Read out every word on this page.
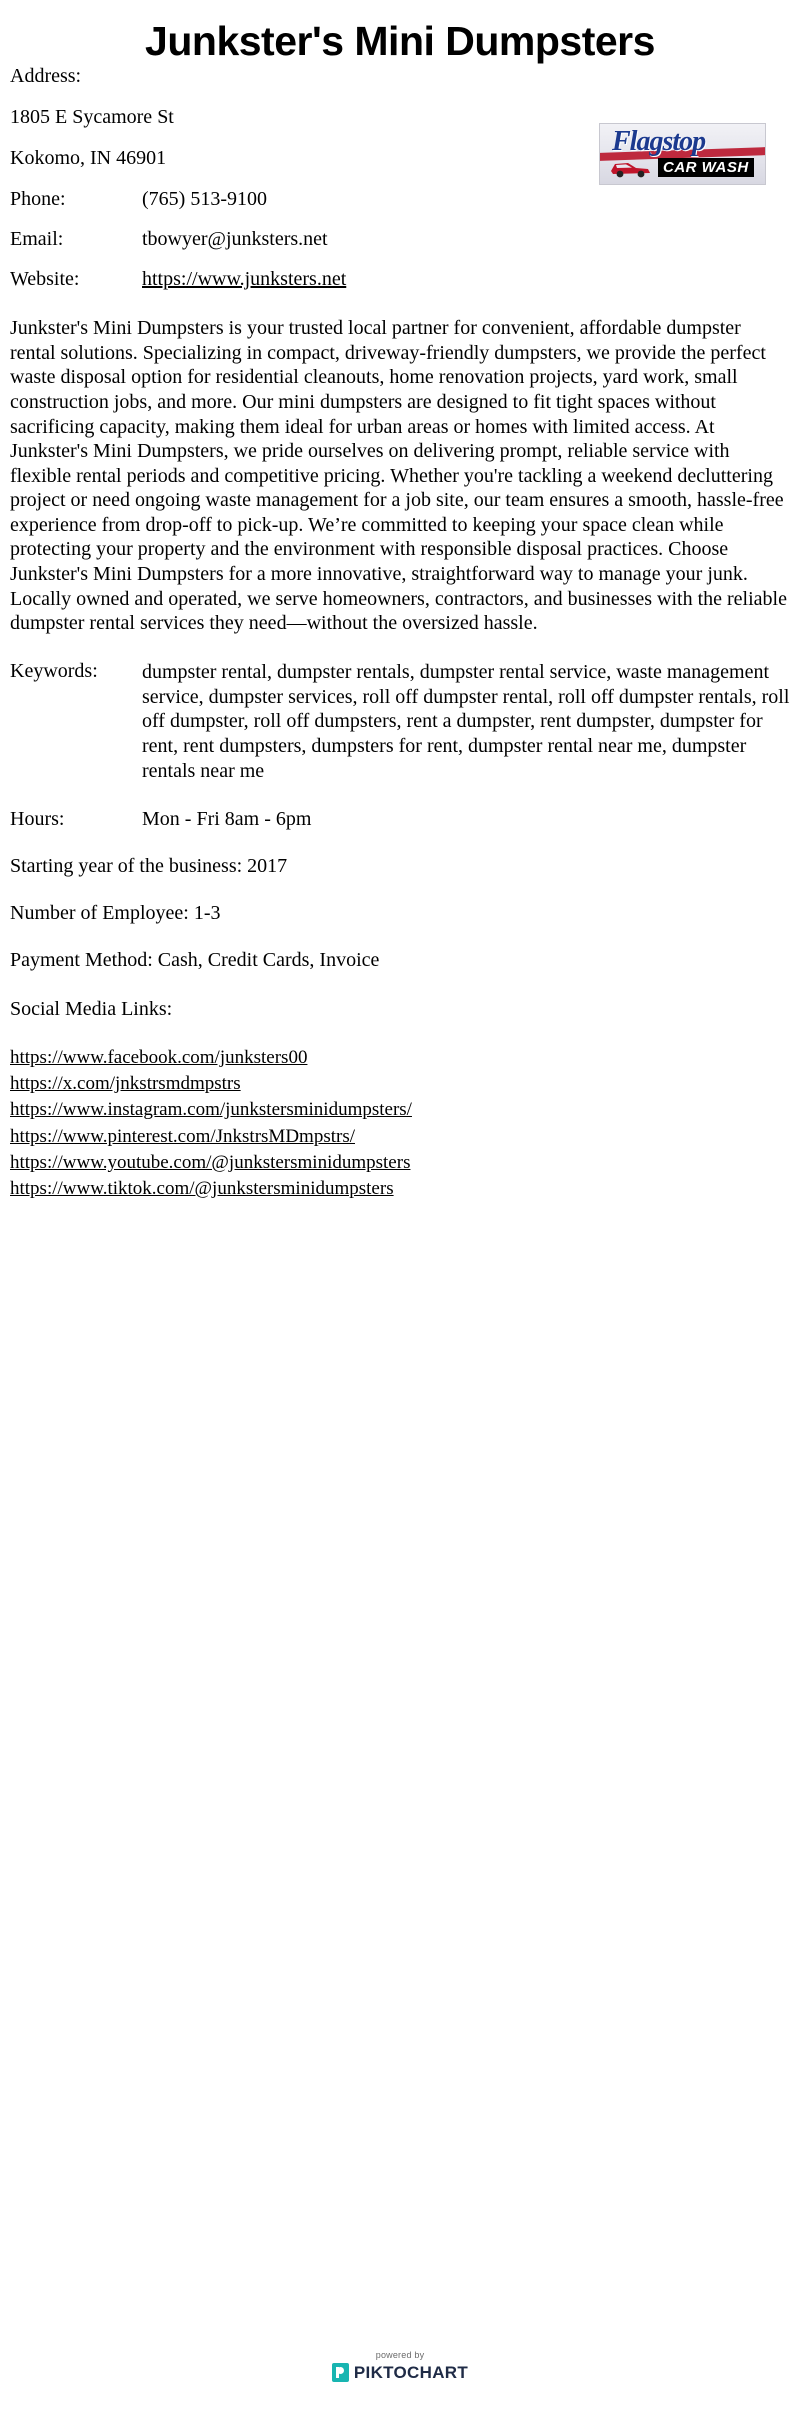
Junkster's Mini Dumpsters
Flagstop
CAR WASH
Address:
1805 E Sycamore St
Kokomo, IN 46901
Phone:	(765) 513-9100
Email:	tbowyer@junksters.net
Website:	https://www.junksters.net

Junkster's Mini Dumpsters is your trusted local partner for convenient, affordable dumpster rental solutions. Specializing in compact, driveway-friendly dumpsters, we provide the perfect waste disposal option for residential cleanouts, home renovation projects, yard work, small construction jobs, and more. Our mini dumpsters are designed to fit tight spaces without sacrificing capacity, making them ideal for urban areas or homes with limited access. At Junkster's Mini Dumpsters, we pride ourselves on delivering prompt, reliable service with flexible rental periods and competitive pricing. Whether you're tackling a weekend decluttering project or need ongoing waste management for a job site, our team ensures a smooth, hassle-free experience from drop-off to pick-up. We’re committed to keeping your space clean while protecting your property and the environment with responsible disposal practices. Choose Junkster's Mini Dumpsters for a more innovative, straightforward way to manage your junk. Locally owned and operated, we serve homeowners, contractors, and businesses with the reliable dumpster rental services they need—without the oversized hassle.

Keywords:	dumpster rental, dumpster rentals, dumpster rental service, waste management service, dumpster services, roll off dumpster rental, roll off dumpster rentals, roll off dumpster, roll off dumpsters, rent a dumpster, rent dumpster, dumpster for rent, rent dumpsters, dumpsters for rent, dumpster rental near me, dumpster rentals near me
Hours:	Mon - Fri 8am - 6pm
Starting year of the business: 2017
Number of Employee: 1-3
Payment Method: Cash, Credit Cards, Invoice
Social Media Links:
https://www.facebook.com/junksters00
https://x.com/jnkstrsmdmpstrs
https://www.instagram.com/junkstersminidumpsters/
https://www.pinterest.com/JnkstrsMDmpstrs/
https://www.youtube.com/@junkstersminidumpsters
https://www.tiktok.com/@junkstersminidumpsters
powered by
PIKTOCHART
